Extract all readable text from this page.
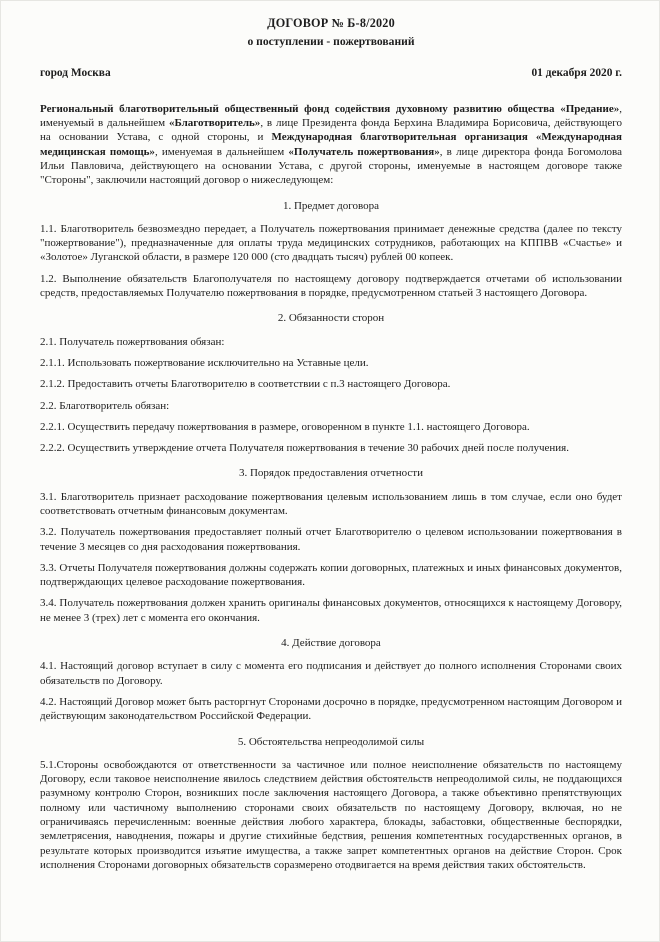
ДОГОВОР № Б-8/2020
о поступлении - пожертвований
город Москва	01 декабря 2020 г.
Региональный благотворительный общественный фонд содействия духовному развитию общества «Предание», именуемый в дальнейшем «Благотворитель», в лице Президента фонда Берхина Владимира Борисовича, действующего на основании Устава, с одной стороны, и Международная благотворительная организация «Международная медицинская помощь», именуемая в дальнейшем «Получатель пожертвования», в лице директора фонда Богомолова Ильи Павловича, действующего на основании Устава, с другой стороны, именуемые в настоящем договоре также "Стороны", заключили настоящий договор о нижеследующем:
1. Предмет договора
1.1. Благотворитель безвозмездно передает, а Получатель пожертвования принимает денежные средства (далее по тексту "пожертвование"), предназначенные для оплаты труда медицинских сотрудников, работающих на КППВВ «Счастье» и «Золотое» Луганской области, в размере 120 000 (сто двадцать тысяч) рублей 00 копеек.
1.2. Выполнение обязательств Благополучателя по настоящему договору подтверждается отчетами об использовании средств, предоставляемых Получателю пожертвования в порядке, предусмотренном статьей 3 настоящего Договора.
2. Обязанности сторон
2.1. Получатель пожертвования обязан:
2.1.1. Использовать пожертвование исключительно на Уставные цели.
2.1.2. Предоставить отчеты Благотворителю в соответствии с п.3 настоящего Договора.
2.2. Благотворитель обязан:
2.2.1. Осуществить передачу пожертвования в размере, оговоренном в пункте 1.1. настоящего Договора.
2.2.2. Осуществить утверждение отчета Получателя пожертвования в течение 30 рабочих дней после получения.
3. Порядок предоставления отчетности
3.1. Благотворитель признает расходование пожертвования целевым использованием лишь в том случае, если оно будет соответствовать отчетным финансовым документам.
3.2. Получатель пожертвования предоставляет полный отчет Благотворителю о целевом использовании пожертвования в течение 3 месяцев со дня расходования пожертвования.
3.3. Отчеты Получателя пожертвования должны содержать копии договорных, платежных и иных финансовых документов, подтверждающих целевое расходование пожертвования.
3.4. Получатель пожертвования должен хранить оригиналы финансовых документов, относящихся к настоящему Договору, не менее 3 (трех) лет с момента его окончания.
4. Действие договора
4.1. Настоящий договор вступает в силу с момента его подписания и действует до полного исполнения Сторонами своих обязательств по Договору.
4.2. Настоящий Договор может быть расторгнут Сторонами досрочно в порядке, предусмотренном настоящим Договором и действующим законодательством Российской Федерации.
5. Обстоятельства непреодолимой силы
5.1.Стороны освобождаются от ответственности за частичное или полное неисполнение обязательств по настоящему Договору, если таковое неисполнение явилось следствием действия обстоятельств непреодолимой силы, не поддающихся разумному контролю Сторон, возникших после заключения настоящего Договора, а также объективно препятствующих полному или частичному выполнению сторонами своих обязательств по настоящему Договору, включая, но не ограничиваясь перечисленным: военные действия любого характера, блокады, забастовки, общественные беспорядки, землетрясения, наводнения, пожары и другие стихийные бедствия, решения компетентных государственных органов, в результате которых производится изъятие имущества, а также запрет компетентных органов на действие Сторон. Срок исполнения Сторонами договорных обязательств соразмерено отодвигается на время действия таких обстоятельств.
